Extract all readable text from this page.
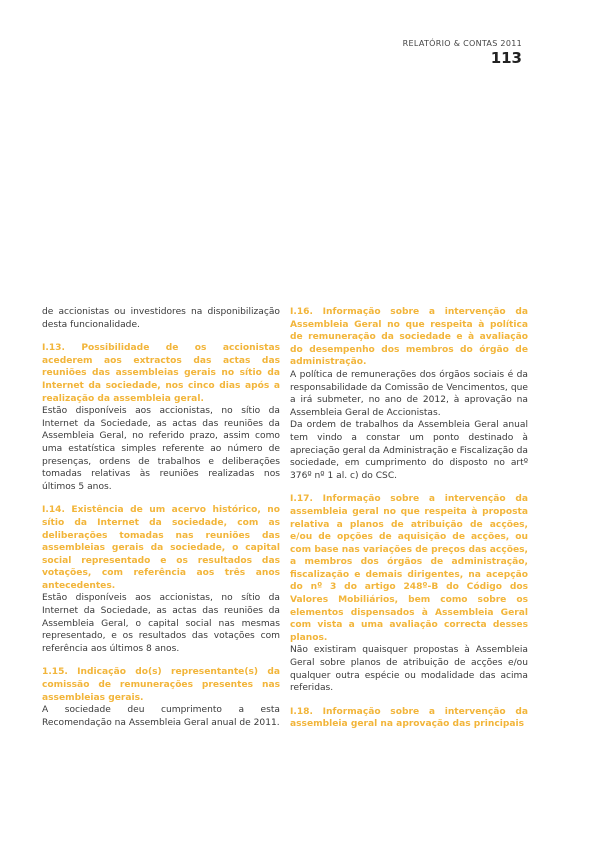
RELATÓRIO & CONTAS 2011
113

de accionistas ou investidores na disponibilização desta funcionalidade.

I.13. Possibilidade de os accionistas acederem aos extractos das actas das reuniões das assembleias gerais no sítio da Internet da sociedade, nos cinco dias após a realização da assembleia geral.

Estão disponíveis aos accionistas, no sítio da Internet da Sociedade, as actas das reuniões da Assembleia Geral, no referido prazo, assim como uma estatística simples referente ao número de presenças, ordens de trabalhos e deliberações tomadas relativas às reuniões realizadas nos últimos 5 anos.

I.14. Existência de um acervo histórico, no sítio da Internet da sociedade, com as deliberações tomadas nas reuniões das assembleias gerais da sociedade, o capital social representado e os resultados das votações, com referência aos três anos antecedentes.

Estão disponíveis aos accionistas, no sítio da Internet da Sociedade, as actas das reuniões da Assembleia Geral, o capital social nas mesmas representado, e os resultados das votações com referência aos últimos 8 anos.

1.15. Indicação do(s) representante(s) da comissão de remunerações presentes nas assembleias gerais.

A sociedade deu cumprimento a esta Recomendação na Assembleia Geral anual de 2011.

I.16. Informação sobre a intervenção da Assembleia Geral no que respeita à política de remuneração da sociedade e à avaliação do desempenho dos membros do órgão de administração.

A política de remunerações dos órgãos sociais é da responsabilidade da Comissão de Vencimentos, que a irá submeter, no ano de 2012, à aprovação na Assembleia Geral de Accionistas.

Da ordem de trabalhos da Assembleia Geral anual tem vindo a constar um ponto destinado à apreciação geral da Administração e Fiscalização da sociedade, em cumprimento do disposto no artº 376º nº 1 al. c) do CSC.

I.17. Informação sobre a intervenção da assembleia geral no que respeita à proposta relativa a planos de atribuição de acções, e/ou de opções de aquisição de acções, ou com base nas variações de preços das acções, a membros dos órgãos de administração, fiscalização e demais dirigentes, na acepção do nº 3 do artigo 248º-B do Código dos Valores Mobiliários, bem como sobre os elementos dispensados à Assembleia Geral com vista a uma avaliação correcta desses planos.

Não existiram quaisquer propostas à Assembleia Geral sobre planos de atribuição de acções e/ou qualquer outra espécie ou modalidade das acima referidas.

I.18. Informação sobre a intervenção da assembleia geral na aprovação das principais
